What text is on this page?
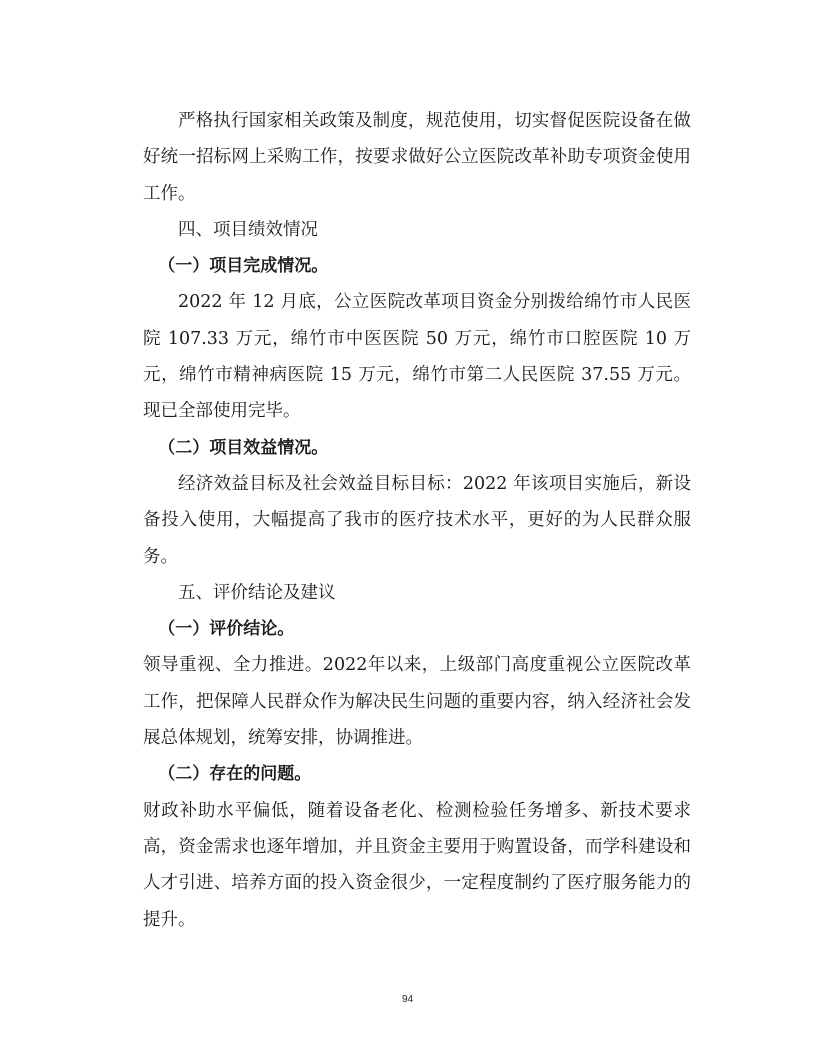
严格执行国家相关政策及制度，规范使用，切实督促医院设备在做好统一招标网上采购工作，按要求做好公立医院改革补助专项资金使用工作。

四、项目绩效情况

（一）项目完成情况。

2022 年 12 月底，公立医院改革项目资金分别拨给绵竹市人民医院 107.33 万元，绵竹市中医医院 50 万元，绵竹市口腔医院 10 万元，绵竹市精神病医院 15 万元，绵竹市第二人民医院 37.55 万元。现已全部使用完毕。

（二）项目效益情况。

经济效益目标及社会效益目标目标：2022 年该项目实施后，新设备投入使用，大幅提高了我市的医疗技术水平，更好的为人民群众服务。

五、评价结论及建议

（一）评价结论。

领导重视、全力推进。2022年以来，上级部门高度重视公立医院改革工作，把保障人民群众作为解决民生问题的重要内容，纳入经济社会发展总体规划，统筹安排，协调推进。

（二）存在的问题。

财政补助水平偏低，随着设备老化、检测检验任务增多、新技术要求高，资金需求也逐年增加，并且资金主要用于购置设备，而学科建设和人才引进、培养方面的投入资金很少，一定程度制约了医疗服务能力的提升。

94
